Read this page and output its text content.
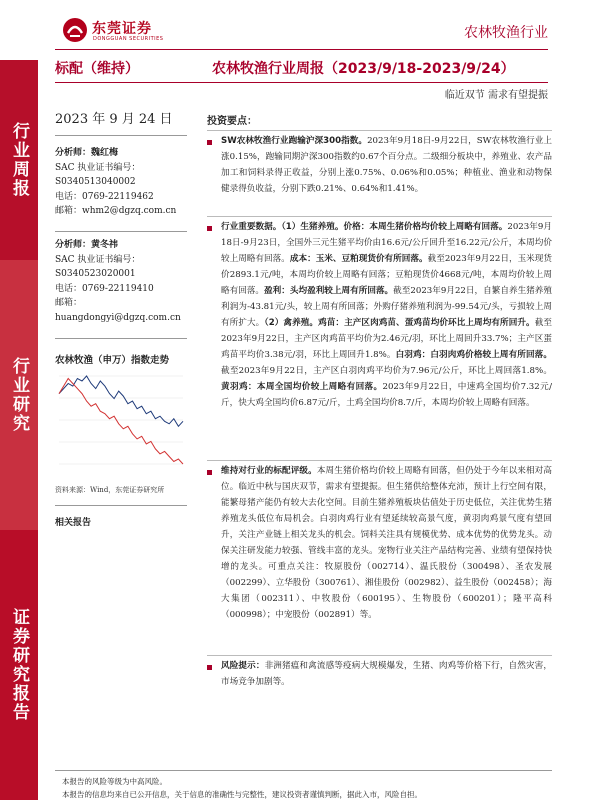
东莞证券
DONGGUAN SECURITIES	农林牧渔行业
行业周报
行业研究
证券研究报告
标配（维持）	农林牧渔行业周报（2023/9/18-2023/9/24）
临近双节 需求有望提振
2023 年 9 月 24 日
分析师：魏红梅
SAC 执业证书编号：
S0340513040002
电话：0769-22119462
邮箱：whm2@dgzq.com.cn
分析师：黄冬祎
SAC 执业证书编号：
S0340523020001
电话：0769-22119410
邮箱：
huangdongyi@dgzq.com.cn
农林牧渔（申万）指数走势
资料来源：Wind，东莞证券研究所
相关报告
投资要点：
SW农林牧渔行业跑输沪深300指数。2023年9月18日-9月22日，SW农林牧渔行业上涨0.15%，跑输同期沪深300指数约0.67个百分点。二级细分板块中，养殖业、农产品加工和饲料录得正收益，分别上涨0.75%、0.06%和0.05%；种植业、渔业和动物保健录得负收益，分别下跌0.21%、0.64%和1.41%。
行业重要数据。（1）生猪养殖。价格：本周生猪价格均价较上周略有回落。2023年9月18日-9月23日，全国外三元生猪平均价由16.6元/公斤回升至16.22元/公斤，本周均价较上周略有回落。成本：玉米、豆粕现货价有所回落。截至2023年9月22日，玉米现货价2893.1元/吨，本周均价较上周略有回落；豆粕现货价4668元/吨，本周均价较上周略有回落。盈利：头均盈利较上周有所回落。截至2023年9月22日，自繁自养生猪养殖利润为-43.81元/头，较上周有所回落；外购仔猪养殖利润为-99.54元/头，亏损较上周有所扩大。（2）禽养殖。鸡苗：主产区肉鸡苗、蛋鸡苗均价环比上周均有所回升。截至2023年9月22日，主产区肉鸡苗平均价为2.46元/羽，环比上周回升33.7%；主产区蛋鸡苗平均价3.38元/羽，环比上周回升1.8%。白羽鸡：白羽肉鸡价格较上周有所回落。截至2023年9月22日，主产区白羽肉鸡平均价为7.96元/公斤，环比上周回落1.8%。黄羽鸡：本周全国均价较上周略有回落。2023年9月22日，中速鸡全国均价7.32元/斤，快大鸡全国均价6.87元/斤，土鸡全国均价8.7/斤，本周均价较上周略有回落。
维持对行业的标配评级。本周生猪价格均价较上周略有回落，但仍处于今年以来相对高位。临近中秋与国庆双节，需求有望提振。但生猪供给整体充沛，预计上行空间有限，能繁母猪产能仍有较大去化空间。目前生猪养殖板块估值处于历史低位，关注优势生猪养殖龙头低位布局机会。白羽肉鸡行业有望延续较高景气度，黄羽肉鸡景气度有望回升，关注产业链上相关龙头的机会。饲料关注具有规模优势、成本优势的优势龙头。动保关注研发能力较强、管线丰富的龙头。宠物行业关注产品结构完善、业绩有望保持快增的龙头。可重点关注：牧原股份（002714）、温氏股份（300498）、圣农发展（002299）、立华股份（300761）、湘佳股份（002982）、益生股份（002458）；海大集团（002311）、中牧股份（600195）、生物股份（600201）；隆平高科（000998）；中宠股份（002891）等。
风险提示：非洲猪瘟和禽流感等疫病大规模爆发，生猪、肉鸡等价格下行，自然灾害，市场竞争加剧等。
本报告的风险等级为中高风险。
本报告的信息均来自已公开信息，关于信息的准确性与完整性，建议投资者谨慎判断，据此入市，风险自担。
